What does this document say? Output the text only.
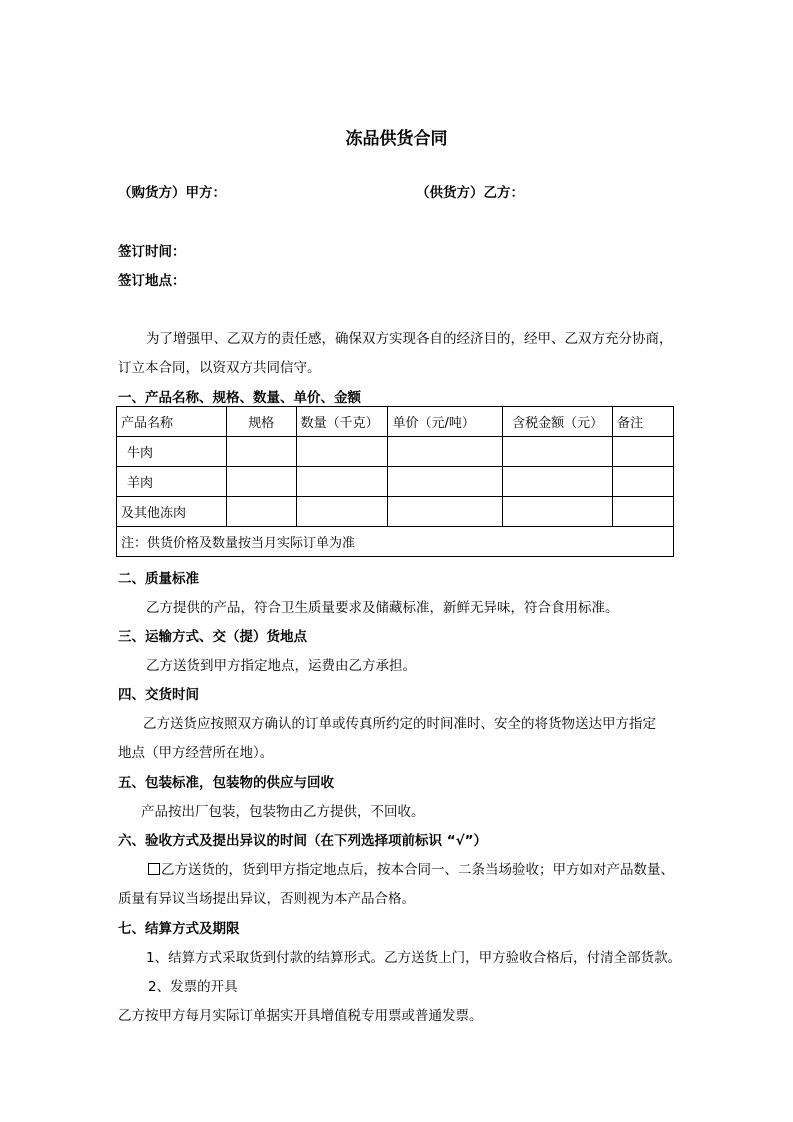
冻品供货合同
（购货方）甲方：	（供货方）乙方：
签订时间：
签订地点：
为了增强甲、乙双方的责任感，确保双方实现各自的经济目的，经甲、乙双方充分协商，
订立本合同，以资双方共同信守。
一、产品名称、规格、数量、单价、金额
产品名称	规格	数量（千克）	单价（元/吨）	含税金额（元）	备注
牛肉					
羊肉					
及其他冻肉					
注：供货价格及数量按当月实际订单为准					
二、质量标准
乙方提供的产品，符合卫生质量要求及储藏标准，新鲜无异味，符合食用标准。
三、运输方式、交（提）货地点
乙方送货到甲方指定地点，运费由乙方承担。
四、交货时间
乙方送货应按照双方确认的订单或传真所约定的时间准时、安全的将货物送达甲方指定
地点（甲方经营所在地）。
五、包装标准，包装物的供应与回收
产品按出厂包装，包装物由乙方提供，不回收。
六、验收方式及提出异议的时间（在下列选择项前标识 “√”）
乙方送货的，货到甲方指定地点后，按本合同一、二条当场验收；甲方如对产品数量、
质量有异议当场提出异议，否则视为本产品合格。
七、结算方式及期限
1、结算方式采取货到付款的结算形式。乙方送货上门，甲方验收合格后，付清全部货款。
2、发票的开具
乙方按甲方每月实际订单据实开具增值税专用票或普通发票。
